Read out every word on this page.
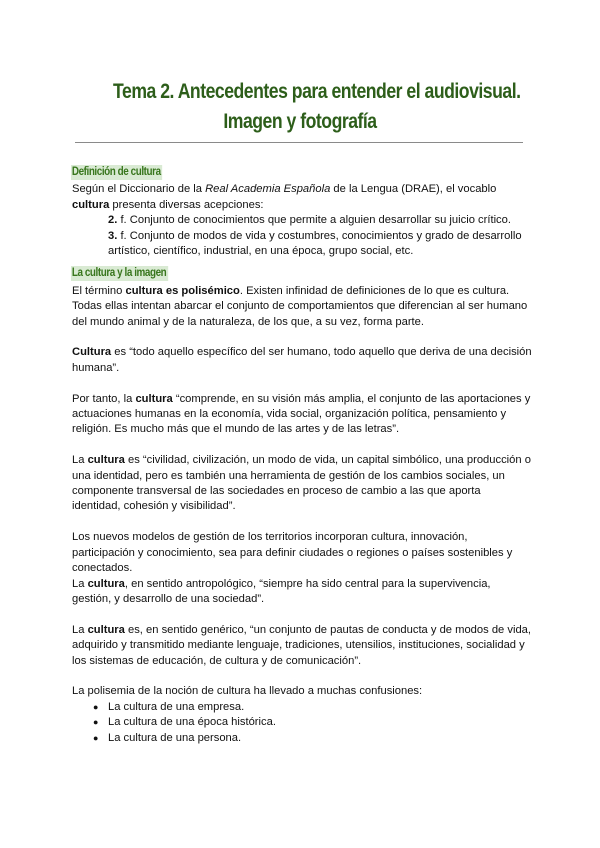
Tema 2. Antecedentes para entender el audiovisual.
Imagen y fotografía
Definición de cultura

Según el Diccionario de la Real Academia Española de la Lengua (DRAE), el vocablo
cultura presenta diversas acepciones:

2. f. Conjunto de conocimientos que permite a alguien desarrollar su juicio crítico.

3. f. Conjunto de modos de vida y costumbres, conocimientos y grado de desarrollo artístico, científico, industrial, en una época, grupo social, etc.

La cultura y la imagen

El término cultura es polisémico. Existen infinidad de definiciones de lo que es cultura. Todas ellas intentan abarcar el conjunto de comportamientos que diferencian al ser humano del mundo animal y de la naturaleza, de los que, a su vez, forma parte.

Cultura es “todo aquello específico del ser humano, todo aquello que deriva de una decisión humana”.

Por tanto, la cultura “comprende, en su visión más amplia, el conjunto de las aportaciones y actuaciones humanas en la economía, vida social, organización política, pensamiento y religión. Es mucho más que el mundo de las artes y de las letras”.

La cultura es “civilidad, civilización, un modo de vida, un capital simbólico, una producción o una identidad, pero es también una herramienta de gestión de los cambios sociales, un componente transversal de las sociedades en proceso de cambio a las que aporta identidad, cohesión y visibilidad”.

Los nuevos modelos de gestión de los territorios incorporan cultura, innovación, participación y conocimiento, sea para definir ciudades o regiones o países sostenibles y conectados.

La cultura, en sentido antropológico, “siempre ha sido central para la supervivencia, gestión, y desarrollo de una sociedad”.

La cultura es, en sentido genérico, “un conjunto de pautas de conducta y de modos de vida, adquirido y transmitido mediante lenguaje, tradiciones, utensilios, instituciones, socialidad y los sistemas de educación, de cultura y de comunicación”.

La polisemia de la noción de cultura ha llevado a muchas confusiones:

● La cultura de una empresa.
● La cultura de una época histórica.
● La cultura de una persona.
